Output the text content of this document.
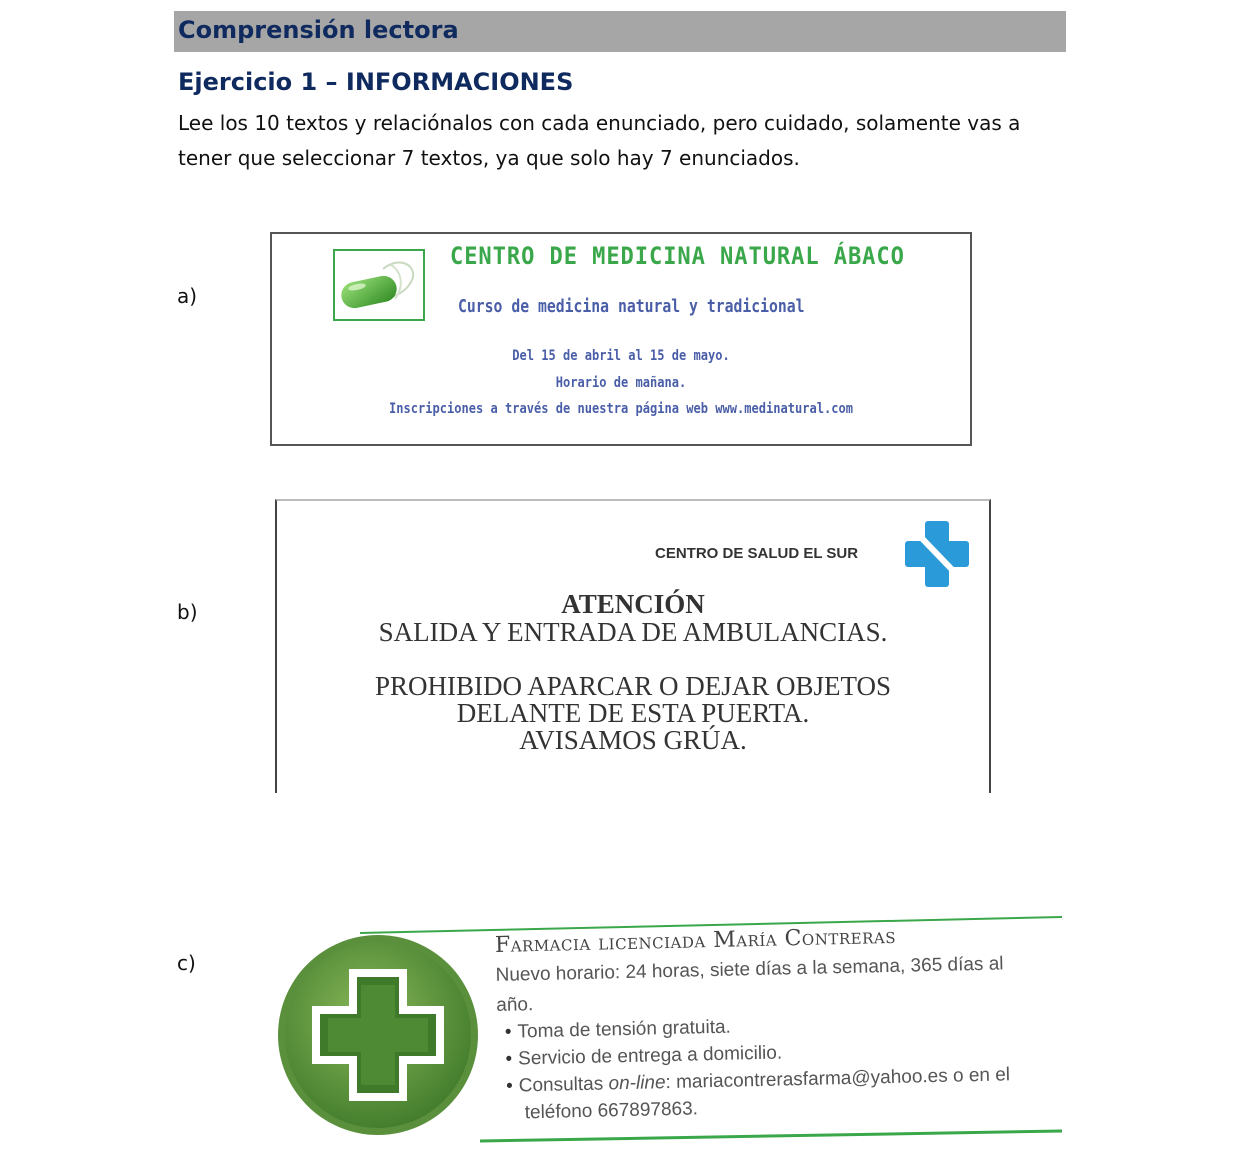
Comprensión lectora
Ejercicio 1 – INFORMACIONES
Lee los 10 textos y relaciónalos con cada enunciado, pero cuidado, solamente vas a tener que seleccionar 7 textos, ya que solo hay 7 enunciados.
a)
CENTRO DE MEDICINA NATURAL ÁBACO
Curso de medicina natural y tradicional
Del 15 de abril al 15 de mayo.
Horario de mañana.
Inscripciones a través de nuestra página web www.medinatural.com
b)
CENTRO DE SALUD EL SUR
ATENCIÓN
SALIDA Y ENTRADA DE AMBULANCIAS.
PROHIBIDO APARCAR O DEJAR OBJETOS
DELANTE DE ESTA PUERTA.
AVISAMOS GRÚA.
c)
Farmacia licenciada María Contreras
Nuevo horario: 24 horas, siete días a la semana, 365 días al
año.
• Toma de tensión gratuita.
• Servicio de entrega a domicilio.
• Consultas on-line: mariacontrerasfarma@yahoo.es o en el
teléfono 667897863.
